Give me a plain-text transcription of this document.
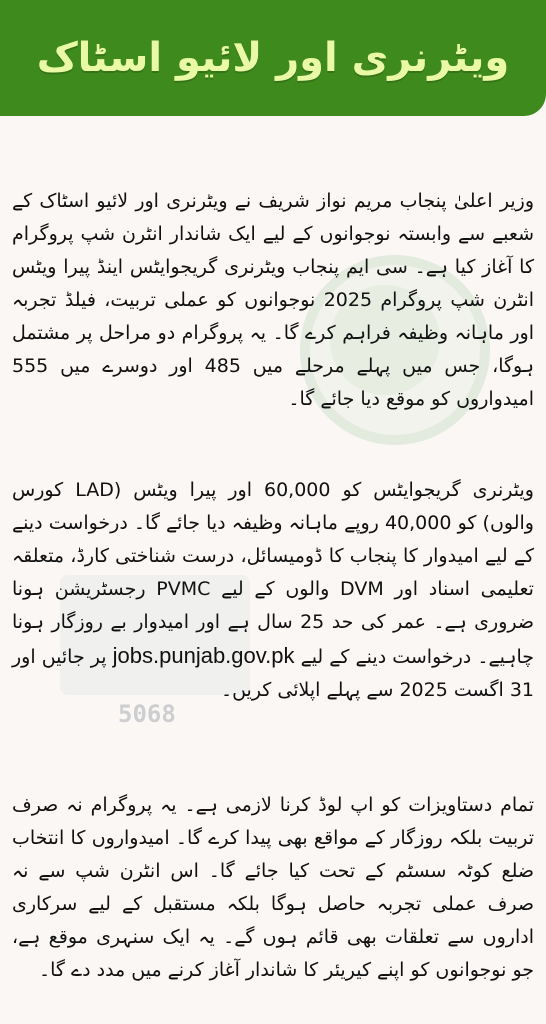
ویٹرنری اور لائیو اسٹاک
5068

وزیر اعلیٰ پنجاب مریم نواز شریف نے ویٹرنری اور لائیو اسٹاک کے شعبے سے وابستہ نوجوانوں کے لیے ایک شاندار انٹرن شپ پروگرام کا آغاز کیا ہے۔ سی ایم پنجاب ویٹرنری گریجوایٹس اینڈ پیرا ویٹس انٹرن شپ پروگرام 2025 نوجوانوں کو عملی تربیت، فیلڈ تجربہ اور ماہانہ وظیفہ فراہم کرے گا۔ یہ پروگرام دو مراحل پر مشتمل ہوگا، جس میں پہلے مرحلے میں 485 اور دوسرے میں 555 امیدواروں کو موقع دیا جائے گا۔

ویٹرنری گریجوایٹس کو 60,000 اور پیرا ویٹس (LAD کورس والوں) کو 40,000 روپے ماہانہ وظیفہ دیا جائے گا۔ درخواست دینے کے لیے امیدوار کا پنجاب کا ڈومیسائل، درست شناختی کارڈ، متعلقہ تعلیمی اسناد اور DVM والوں کے لیے PVMC رجسٹریشن ہونا ضروری ہے۔ عمر کی حد 25 سال ہے اور امیدوار بے روزگار ہونا چاہیے۔ درخواست دینے کے لیے jobs.punjab.gov.pk پر جائیں اور 31 اگست 2025 سے پہلے اپلائی کریں۔

تمام دستاویزات کو اپ لوڈ کرنا لازمی ہے۔ یہ پروگرام نہ صرف تربیت بلکہ روزگار کے مواقع بھی پیدا کرے گا۔ امیدواروں کا انتخاب ضلع کوٹہ سسٹم کے تحت کیا جائے گا۔ اس انٹرن شپ سے نہ صرف عملی تجربہ حاصل ہوگا بلکہ مستقبل کے لیے سرکاری اداروں سے تعلقات بھی قائم ہوں گے۔ یہ ایک سنہری موقع ہے، جو نوجوانوں کو اپنے کیریئر کا شاندار آغاز کرنے میں مدد دے گا۔
